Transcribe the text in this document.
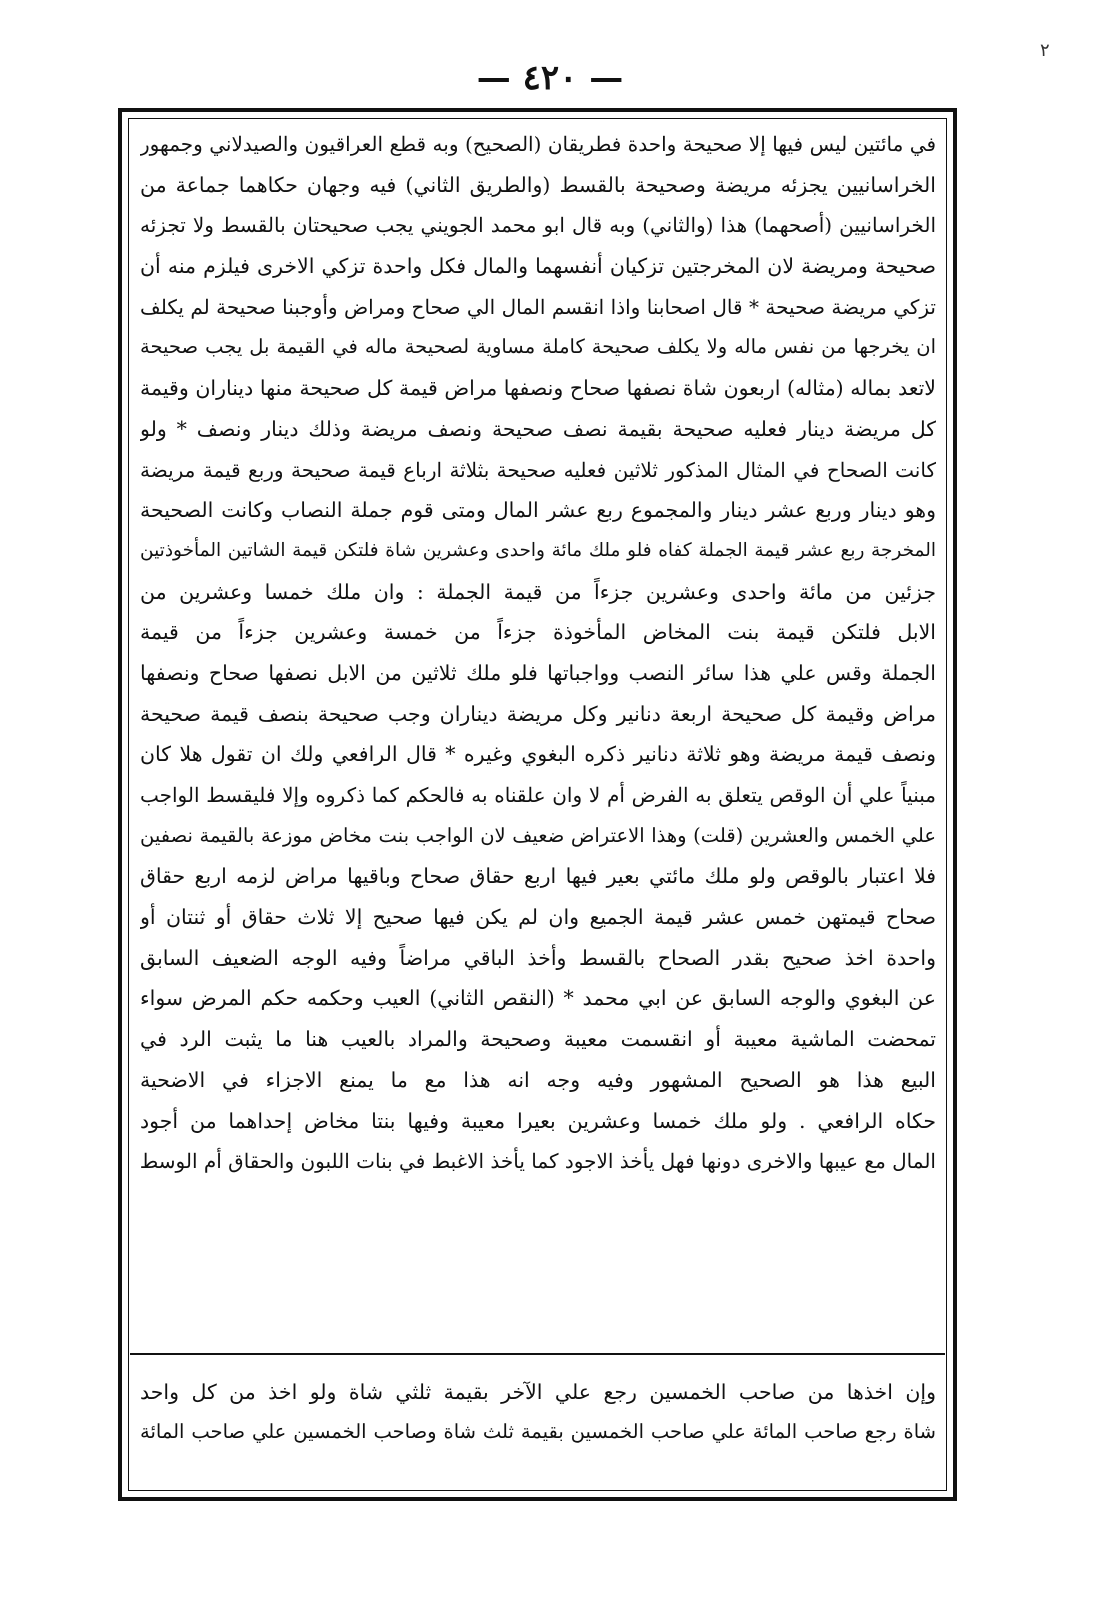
٢
— ٤٢٠ —
في مائتين ليس فيها إلا صحيحة واحدة فطريقان (الصحيح) وبه قطع العراقيون والصيدلاني وجمهور
الخراسانيين يجزئه مريضة وصحيحة بالقسط (والطريق الثاني) فيه وجهان حكاهما جماعة من
الخراسانيين (أصحهما) هذا (والثاني) وبه قال ابو محمد الجويني يجب صحيحتان بالقسط ولا تجزئه
صحيحة ومريضة لان المخرجتين تزكيان أنفسهما والمال فكل واحدة تزكي الاخرى فيلزم منه أن
تزكي مريضة صحيحة * قال اصحابنا واذا انقسم المال الي صحاح ومراض وأوجبنا صحيحة لم يكلف
ان يخرجها من نفس ماله ولا يكلف صحيحة كاملة مساوية لصحيحة ماله في القيمة بل يجب صحيحة
لاتعد بماله (مثاله) اربعون شاة نصفها صحاح ونصفها مراض قيمة كل صحيحة منها ديناران وقيمة
كل مريضة دينار فعليه صحيحة بقيمة نصف صحيحة ونصف مريضة وذلك دينار ونصف * ولو
كانت الصحاح في المثال المذكور ثلاثين فعليه صحيحة بثلاثة ارباع قيمة صحيحة وربع قيمة مريضة
وهو دينار وربع عشر دينار والمجموع ربع عشر المال ومتى قوم جملة النصاب وكانت الصحيحة
المخرجة ربع عشر قيمة الجملة كفاه فلو ملك مائة واحدى وعشرين شاة فلتكن قيمة الشاتين المأخوذتين
جزئين من مائة واحدى وعشرين جزءاً من قيمة الجملة : وان ملك خمسا وعشرين من
الابل فلتكن قيمة بنت المخاض المأخوذة جزءاً من خمسة وعشرين جزءاً من قيمة
الجملة وقس علي هذا سائر النصب وواجباتها فلو ملك ثلاثين من الابل نصفها صحاح ونصفها
مراض وقيمة كل صحيحة اربعة دنانير وكل مريضة ديناران وجب صحيحة بنصف قيمة صحيحة
ونصف قيمة مريضة وهو ثلاثة دنانير ذكره البغوي وغيره * قال الرافعي ولك ان تقول هلا كان
مبنياً علي أن الوقص يتعلق به الفرض أم لا وان علقناه به فالحكم كما ذكروه وإلا فليقسط الواجب
علي الخمس والعشرين (قلت) وهذا الاعتراض ضعيف لان الواجب بنت مخاض موزعة بالقيمة نصفين
فلا اعتبار بالوقص ولو ملك مائتي بعير فيها اربع حقاق صحاح وباقيها مراض لزمه اربع حقاق
صحاح قيمتهن خمس عشر قيمة الجميع وان لم يكن فيها صحيح إلا ثلاث حقاق أو ثنتان أو
واحدة اخذ صحيح بقدر الصحاح بالقسط وأخذ الباقي مراضاً وفيه الوجه الضعيف السابق
عن البغوي والوجه السابق عن ابي محمد * (النقص الثاني) العيب وحكمه حكم المرض سواء
تمحضت الماشية معيبة أو انقسمت معيبة وصحيحة والمراد بالعيب هنا ما يثبت الرد في
البيع هذا هو الصحيح المشهور وفيه وجه انه هذا مع ما يمنع الاجزاء في الاضحية
حكاه الرافعي . ولو ملك خمسا وعشرين بعيرا معيبة وفيها بنتا مخاض إحداهما من أجود
المال مع عيبها والاخرى دونها فهل يأخذ الاجود كما يأخذ الاغبط في بنات اللبون والحقاق أم الوسط
وإن اخذها من صاحب الخمسين رجع علي الآخر بقيمة ثلثي شاة ولو اخذ من كل واحد
شاة رجع صاحب المائة علي صاحب الخمسين بقيمة ثلث شاة وصاحب الخمسين علي صاحب المائة
